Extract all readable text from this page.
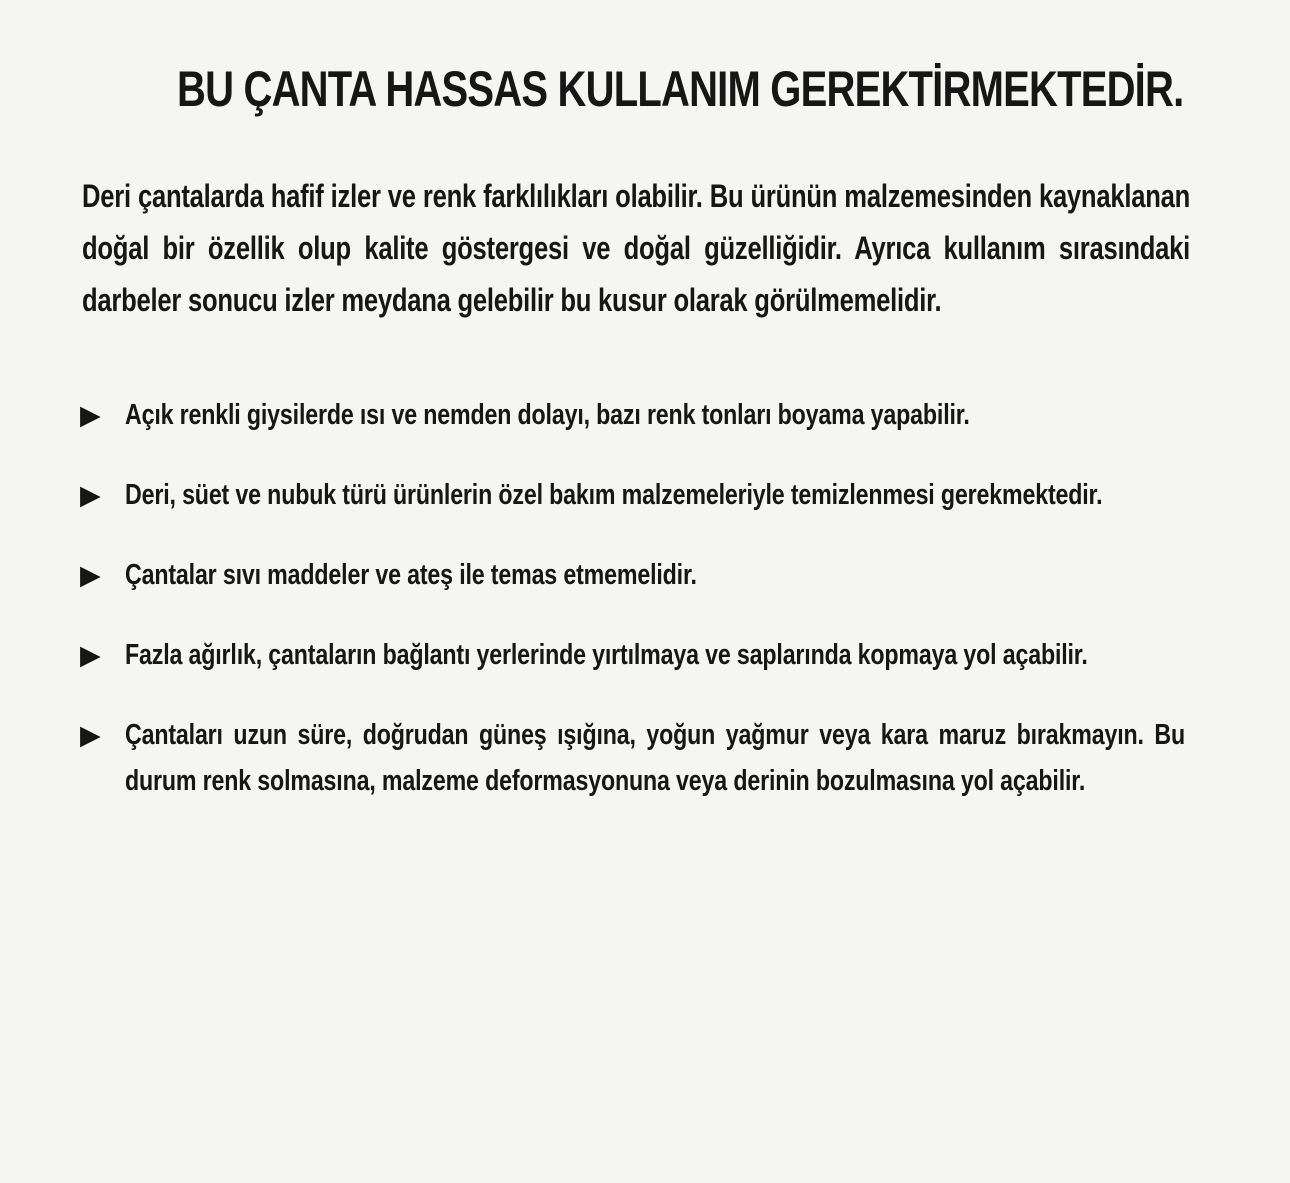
BU ÇANTA HASSAS KULLANIM GEREKTİRMEKTEDİR.

Deri çantalarda hafif izler ve renk farklılıkları olabilir. Bu ürünün malzemesinden kaynaklanan doğal bir özellik olup kalite göstergesi ve doğal güzelliğidir. Ayrıca kullanım sırasındaki darbeler sonucu izler meydana gelebilir bu kusur olarak görülmemelidir.

▶ Açık renkli giysilerde ısı ve nemden dolayı, bazı renk tonları boyama yapabilir.
▶ Deri, süet ve nubuk türü ürünlerin özel bakım malzemeleriyle temizlenmesi gerekmektedir.
▶ Çantalar sıvı maddeler ve ateş ile temas etmemelidir.
▶ Fazla ağırlık, çantaların bağlantı yerlerinde yırtılmaya ve saplarında kopmaya yol açabilir.
▶ Çantaları uzun süre, doğrudan güneş ışığına, yoğun yağmur veya kara maruz bırakmayın. Bu durum renk solmasına, malzeme deformasyonuna veya derinin bozulmasına yol açabilir.
